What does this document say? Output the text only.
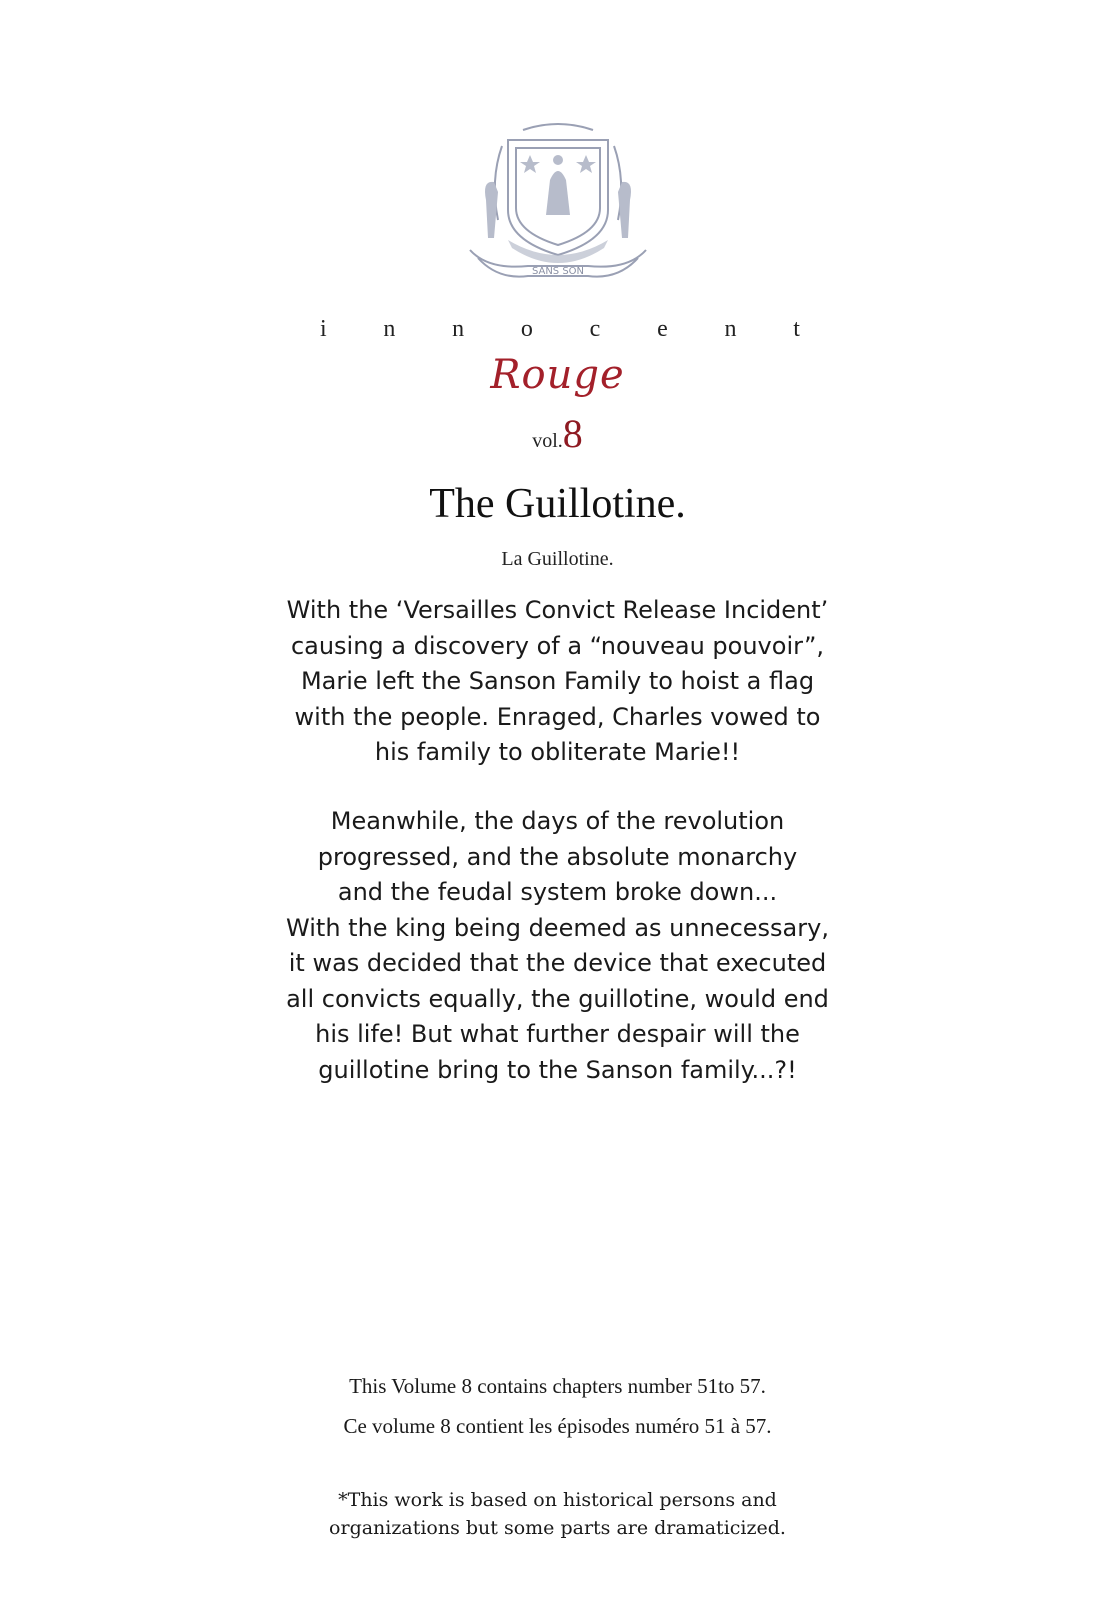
SANS SON
i n n o c e n t
Rouge
vol.8
The Guillotine.
La Guillotine.
With the ‘Versailles Convict Release Incident’
causing a discovery of a “nouveau pouvoir”,
Marie left the Sanson Family to hoist a flag
with the people. Enraged, Charles vowed to
his family to obliterate Marie!!
Meanwhile, the days of the revolution
progressed, and the absolute monarchy
and the feudal system broke down...
With the king being deemed as unnecessary,
it was decided that the device that executed
all convicts equally, the guillotine, would end
his life! But what further despair will the
guillotine bring to the Sanson family...?!
This Volume 8 contains chapters number 51to 57.
Ce volume 8 contient les épisodes numéro 51 à 57.
*This work is based on historical persons and
organizations but some parts are dramaticized.
